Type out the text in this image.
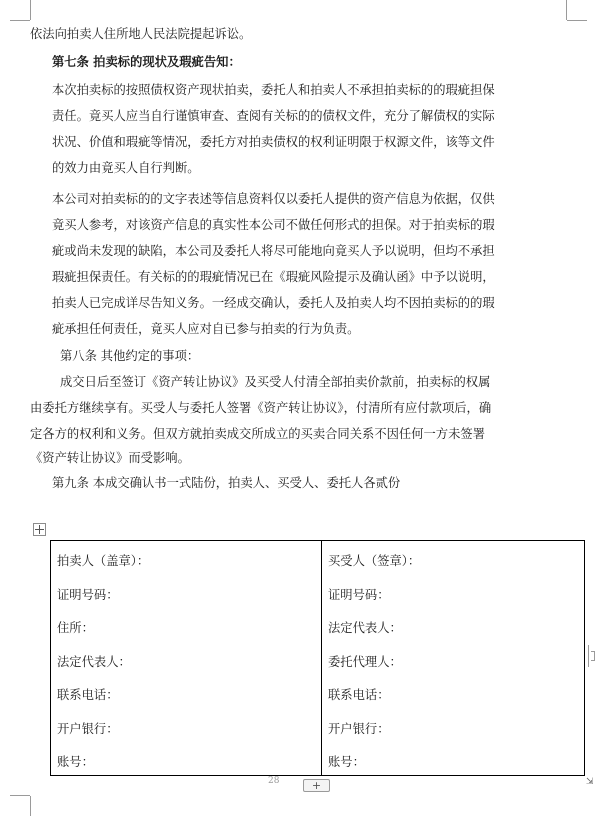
依法向拍卖人住所地人民法院提起诉讼。

第七条 拍卖标的现状及瑕疵告知：

本次拍卖标的按照债权资产现状拍卖，委托人和拍卖人不承担拍卖标的的瑕疵担保

责任。竟买人应当自行谨慎审查、查阅有关标的的债权文件，充分了解债权的实际

状况、价值和瑕疵等情况，委托方对拍卖债权的权利证明限于权源文件，该等文件

的效力由竟买人自行判断。

本公司对拍卖标的的文字表述等信息资料仅以委托人提供的资产信息为依据，仅供

竟买人参考，对该资产信息的真实性本公司不做任何形式的担保。对于拍卖标的瑕

疵或尚未发现的缺陷，本公司及委托人将尽可能地向竟买人予以说明，但均不承担

瑕疵担保责任。有关标的的瑕疵情况已在《瑕疵风险提示及确认函》中予以说明，

拍卖人已完成详尽告知义务。一经成交确认，委托人及拍卖人均不因拍卖标的的瑕

疵承担任何责任，竟买人应对自已参与拍卖的行为负责。

第八条 其他约定的事项：

成交日后至签订《资产转让协议》及买受人付清全部拍卖价款前，拍卖标的权属

由委托方继续享有。买受人与委托人签署《资产转让协议》，付清所有应付款项后，确

定各方的权利和义务。但双方就拍卖成交所成立的买卖合同关系不因任何一方未签署

《资产转让协议》而受影响。

第九条 本成交确认书一式陆份，拍卖人、买受人、委托人各贰份

拍卖人（盖章）：
证明号码：
住所：
法定代表人：
联系电话：
开户银行：
账号：
买受人（签章）：
证明号码：
法定代表人：
委托代理人：
联系电话：
开户银行：
账号：
28	+	⇲
